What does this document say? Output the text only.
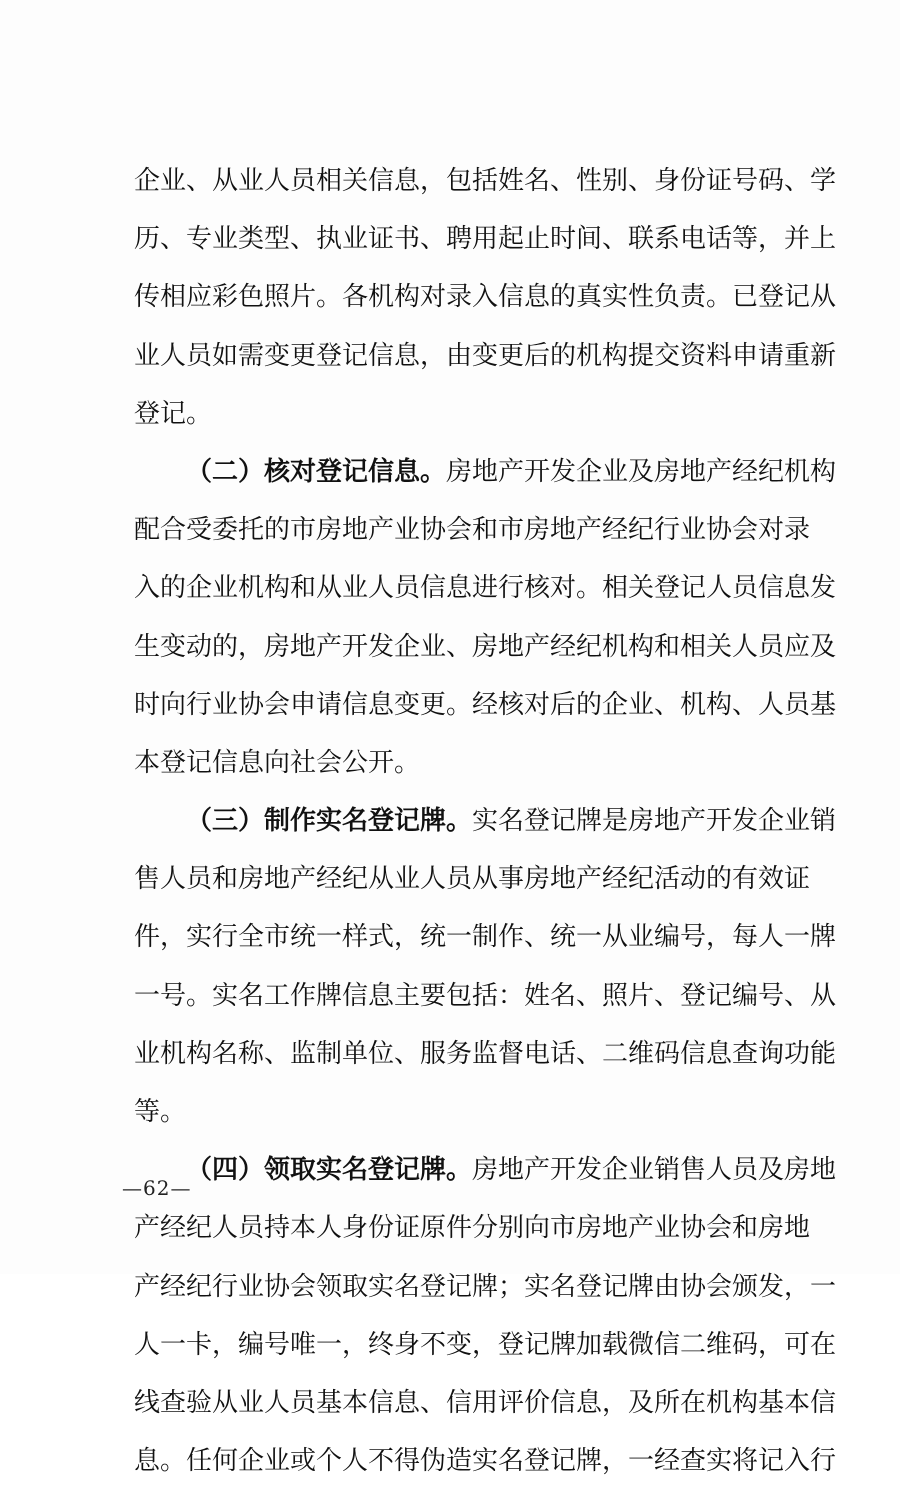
企业、从业人员相关信息，包括姓名、性别、身份证号码、学
历、专业类型、执业证书、聘用起止时间、联系电话等，并上
传相应彩色照片。各机构对录入信息的真实性负责。已登记从
业人员如需变更登记信息，由变更后的机构提交资料申请重新
登记。
（二）核对登记信息。房地产开发企业及房地产经纪机构
配合受委托的市房地产业协会和市房地产经纪行业协会对录
入的企业机构和从业人员信息进行核对。相关登记人员信息发
生变动的，房地产开发企业、房地产经纪机构和相关人员应及
时向行业协会申请信息变更。经核对后的企业、机构、人员基
本登记信息向社会公开。
（三）制作实名登记牌。实名登记牌是房地产开发企业销
售人员和房地产经纪从业人员从事房地产经纪活动的有效证
件，实行全市统一样式，统一制作、统一从业编号，每人一牌
一号。实名工作牌信息主要包括：姓名、照片、登记编号、从
业机构名称、监制单位、服务监督电话、二维码信息查询功能
等。
（四）领取实名登记牌。房地产开发企业销售人员及房地
产经纪人员持本人身份证原件分别向市房地产业协会和房地
产经纪行业协会领取实名登记牌；实名登记牌由协会颁发，一
人一卡，编号唯一，终身不变，登记牌加载微信二维码，可在
线查验从业人员基本信息、信用评价信息，及所在机构基本信
息。任何企业或个人不得伪造实名登记牌，一经查实将记入行
—62—
